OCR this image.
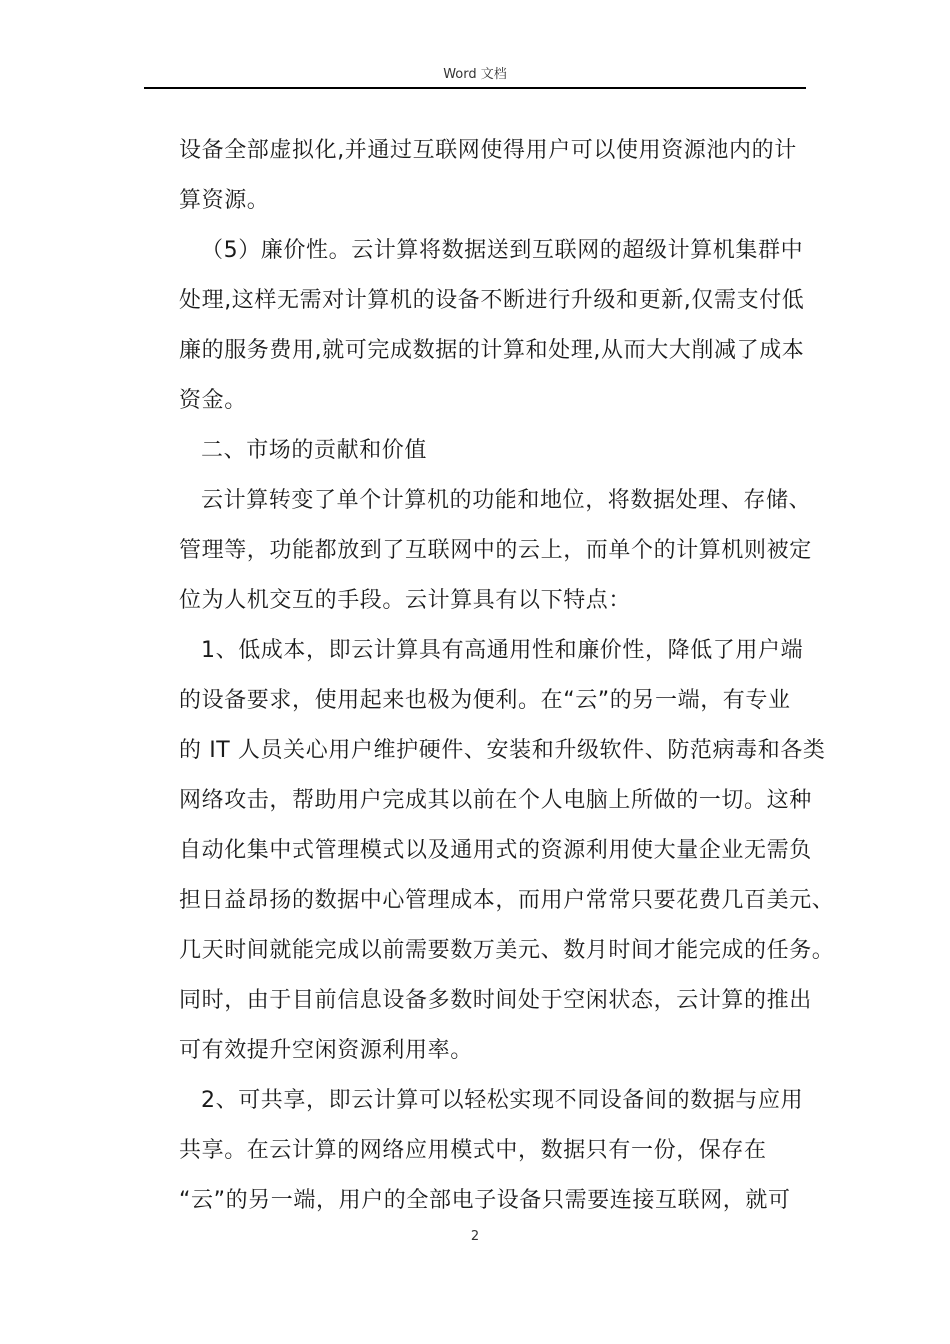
Word 文档
设备全部虚拟化,并通过互联网使得用户可以使用资源池内的计
算资源。
（5）廉价性。云计算将数据送到互联网的超级计算机集群中
处理,这样无需对计算机的设备不断进行升级和更新,仅需支付低
廉的服务费用,就可完成数据的计算和处理,从而大大削减了成本
资金。
二、市场的贡献和价值
云计算转变了单个计算机的功能和地位，将数据处理、存储、
管理等，功能都放到了互联网中的云上，而单个的计算机则被定
位为人机交互的手段。云计算具有以下特点：
1、低成本，即云计算具有高通用性和廉价性，降低了用户端
的设备要求，使用起来也极为便利。在“云”的另一端，有专业
的 IT 人员关心用户维护硬件、安装和升级软件、防范病毒和各类
网络攻击，帮助用户完成其以前在个人电脑上所做的一切。这种
自动化集中式管理模式以及通用式的资源利用使大量企业无需负
担日益昂扬的数据中心管理成本，而用户常常只要花费几百美元、
几天时间就能完成以前需要数万美元、数月时间才能完成的任务。
同时，由于目前信息设备多数时间处于空闲状态，云计算的推出
可有效提升空闲资源利用率。
2、可共享，即云计算可以轻松实现不同设备间的数据与应用
共享。在云计算的网络应用模式中，数据只有一份，保存在
“云”的另一端，用户的全部电子设备只需要连接互联网，就可
2
